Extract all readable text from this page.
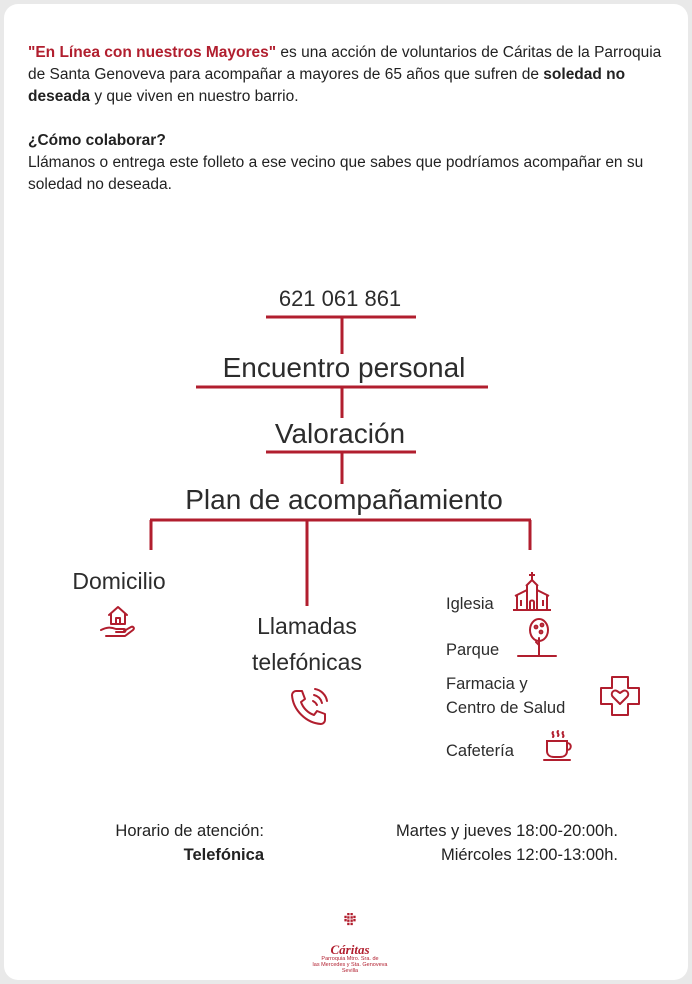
"En Línea con nuestros Mayores" es una acción de voluntarios de Cáritas de la Parroquia de Santa Genoveva para acompañar a mayores de 65 años que sufren de soledad no deseada y que viven en nuestro barrio.

¿Cómo colaborar?

Llámanos o entrega este folleto a ese vecino que sabes que podríamos acompañar en su soledad no deseada.

621 061 861
Encuentro personal
Valoración
Plan de acompañamiento
Domicilio
Llamadas
telefónicas
Iglesia
Parque
Farmacia y
Centro de Salud
Cafetería
Horario de atención:
Telefónica
Martes y jueves 18:00-20:00h.
Miércoles 12:00-13:00h.
Cáritas
Parroquia Mtro. Sra. de
las Mercedes y Sta. Genoveva
Sevilla
